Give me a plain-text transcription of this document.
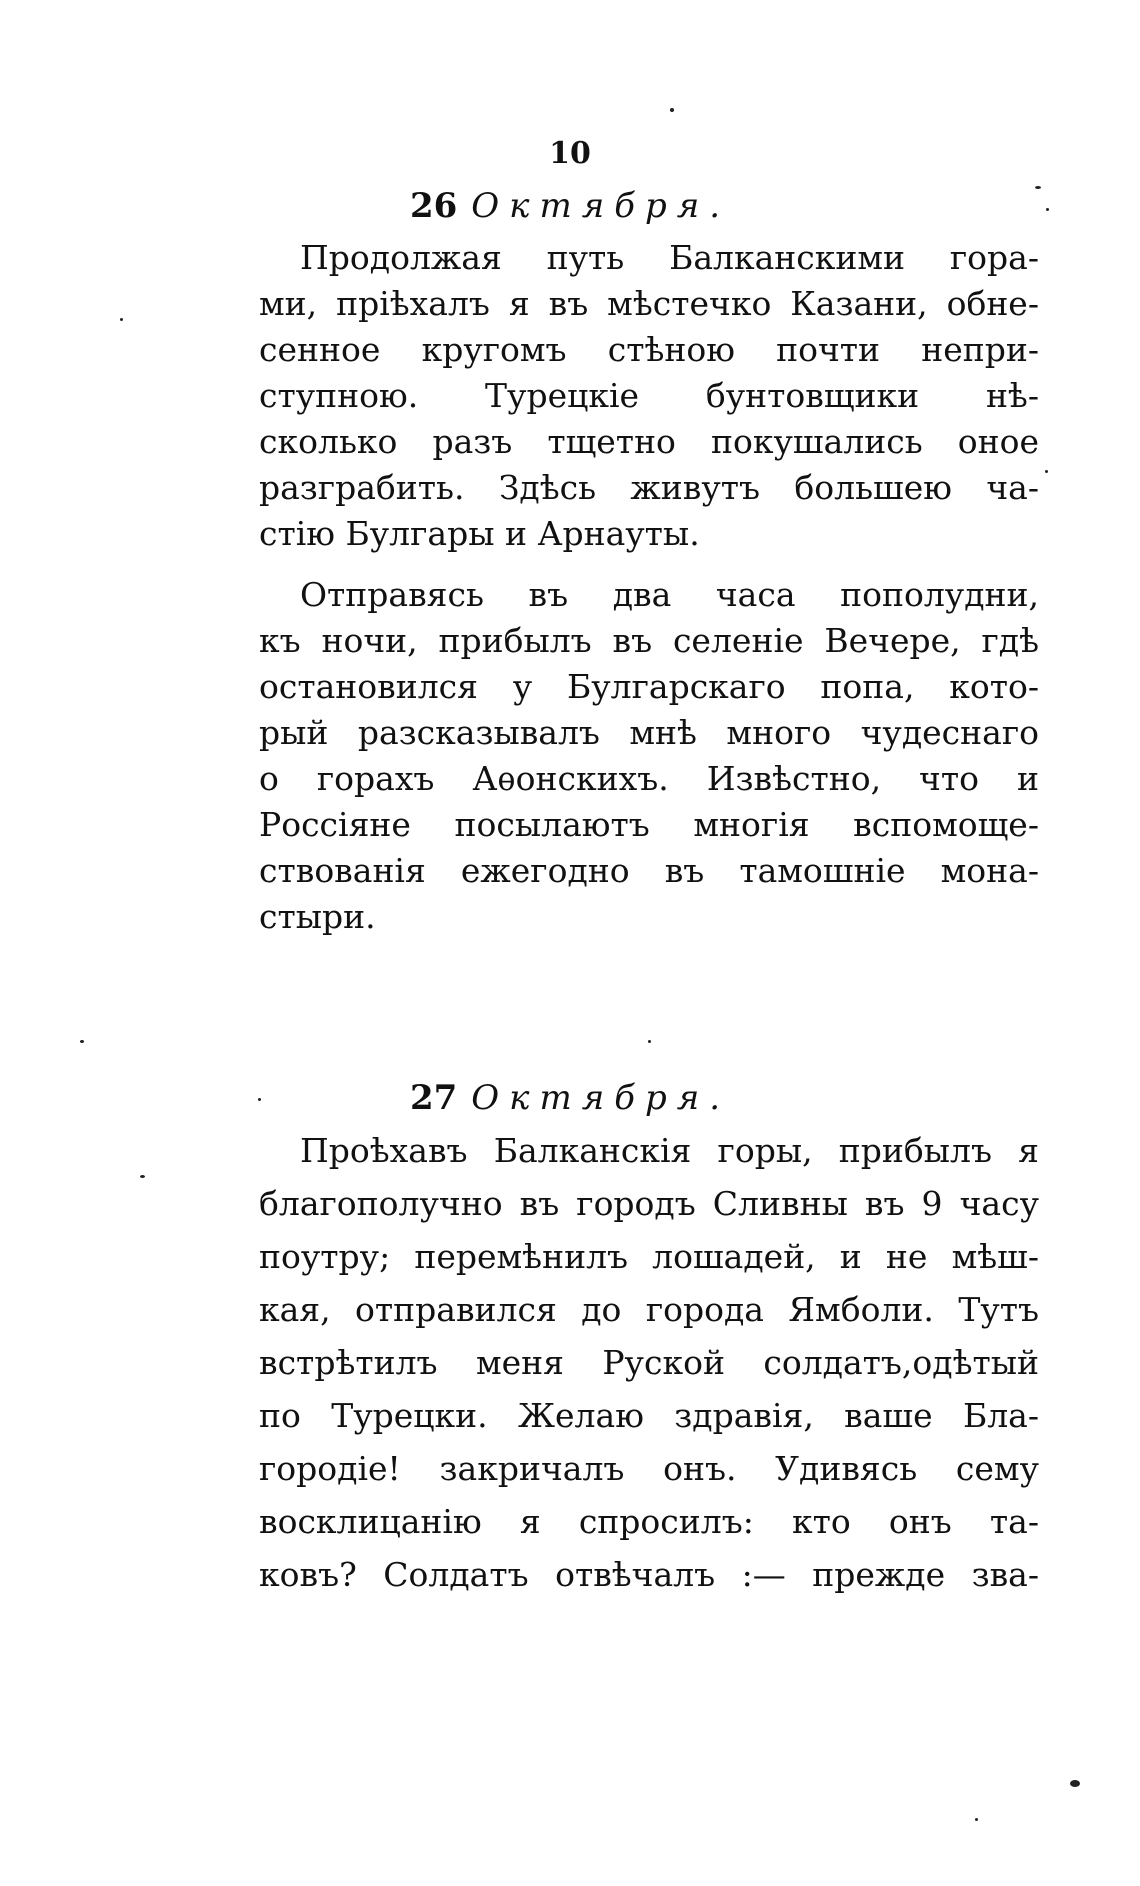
10
26 Октября.
Продолжая путь Балканскими гора-
ми, пріѣхалъ я въ мѣстечко Казани, обне-
сенное кругомъ стѣною почти непри-
ступною. Турецкіе бунтовщики нѣ-
сколько разъ тщетно покушались оное
разграбить. Здѣсь живутъ большею ча-
стію Булгары и Арнауты.
Отправясь въ два часа пополудни,
къ ночи, прибылъ въ селеніе Вечере, гдѣ
остановился у Булгарскаго попа, кото-
рый разсказывалъ мнѣ много чудеснаго
о горахъ Аѳонскихъ. Извѣстно, что и
Россіяне посылаютъ многія вспомоще-
ствованія ежегодно въ тамошніе мона-
стыри.
27 Октября.
Проѣхавъ Балканскія горы, прибылъ я
благополучно въ городъ Сливны въ 9 часу
поутру; перемѣнилъ лошадей, и не мѣш-
кая, отправился до города Ямболи. Тутъ
встрѣтилъ меня Руской солдатъ,одѣтый
по Турецки. Желаю здравія, ваше Бла-
городіе! закричалъ онъ. Удивясь сему
восклицанію я спросилъ: кто онъ та-
ковъ? Солдатъ отвѣчалъ :— прежде зва-
